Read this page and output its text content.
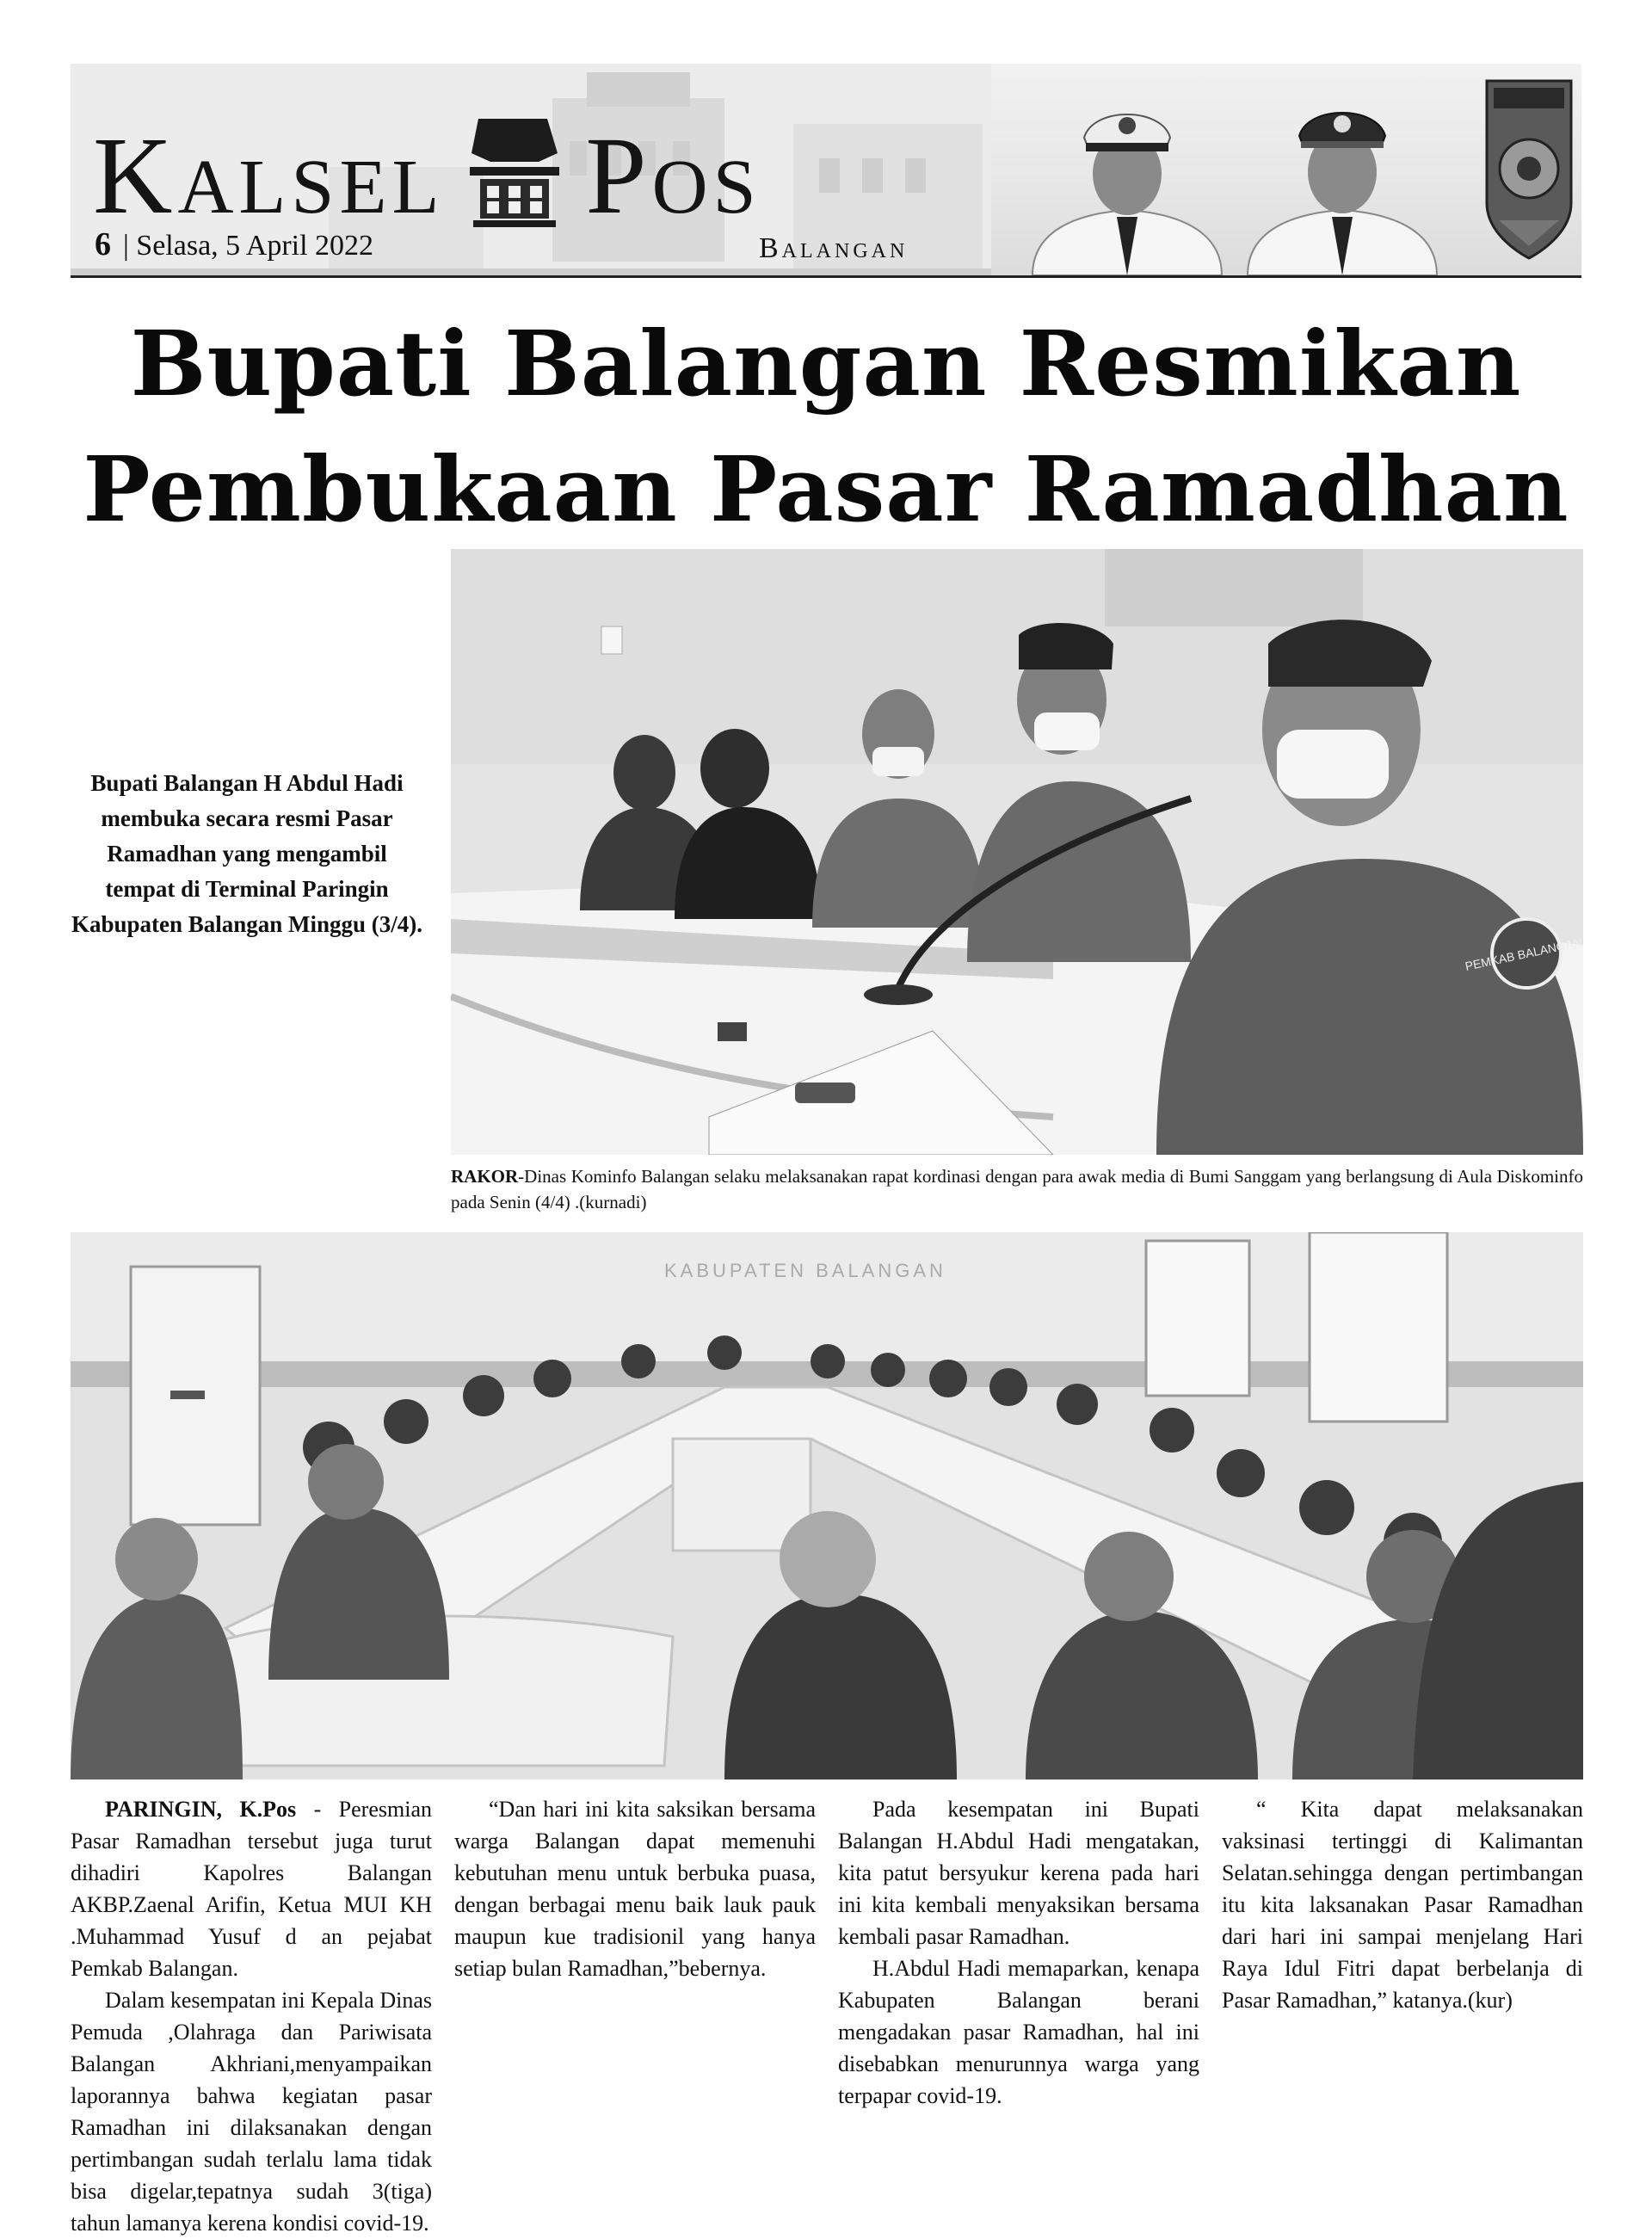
Kalsel Pos
6 | Selasa, 5 April 2022	Balangan
Bupati Balangan Resmikan
Pembukaan Pasar Ramadhan
Bupati Balangan H Abdul Hadi membuka secara resmi Pasar Ramadhan yang mengambil tempat di Terminal Paringin Kabupaten Balangan Minggu (3/4).
PEMKAB BALANGAN
RAKOR-Dinas Kominfo Balangan selaku melaksanakan rapat kordinasi dengan para awak media di Bumi Sanggam yang berlangsung di Aula Diskominfo pada Senin (4/4) .(kurnadi)
KABUPATEN BALANGAN

PARINGIN, K.Pos - Peresmian Pasar Ramadhan tersebut juga turut dihadiri Kapolres Balangan AKBP.Zaenal Arifin, Ketua MUI KH .Muhammad Yusuf d an pejabat Pemkab Balangan.

Dalam kesempatan ini Kepala Dinas Pemuda ,Olahraga dan Pariwisata Balangan Akhriani,menyampaikan laporannya bahwa kegiatan pasar Ramadhan ini dilaksanakan dengan pertimbangan sudah terlalu lama tidak bisa digelar,tepatnya sudah 3(tiga) tahun lamanya kerena kondisi covid-19.

“Dan hari ini kita saksikan bersama warga Balangan dapat memenuhi kebutuhan menu untuk berbuka puasa, dengan berbagai menu baik lauk pauk maupun kue tradisionil yang hanya setiap bulan Ramadhan,”bebernya.

Pada kesempatan ini Bupati Balangan H.Abdul Hadi mengatakan, kita patut bersyukur kerena pada hari ini kita kembali menyaksikan bersama kembali pasar Ramadhan.

H.Abdul Hadi memaparkan, kenapa Kabupaten Balangan berani mengadakan pasar Ramadhan, hal ini disebabkan menurunnya warga yang terpapar covid-19.

“ Kita dapat melaksanakan vaksinasi tertinggi di Kalimantan Selatan.sehingga dengan pertimbangan itu kita laksanakan Pasar Ramadhan dari hari ini sampai menjelang Hari Raya Idul Fitri dapat berbelanja di Pasar Ramadhan,” katanya.(kur)
